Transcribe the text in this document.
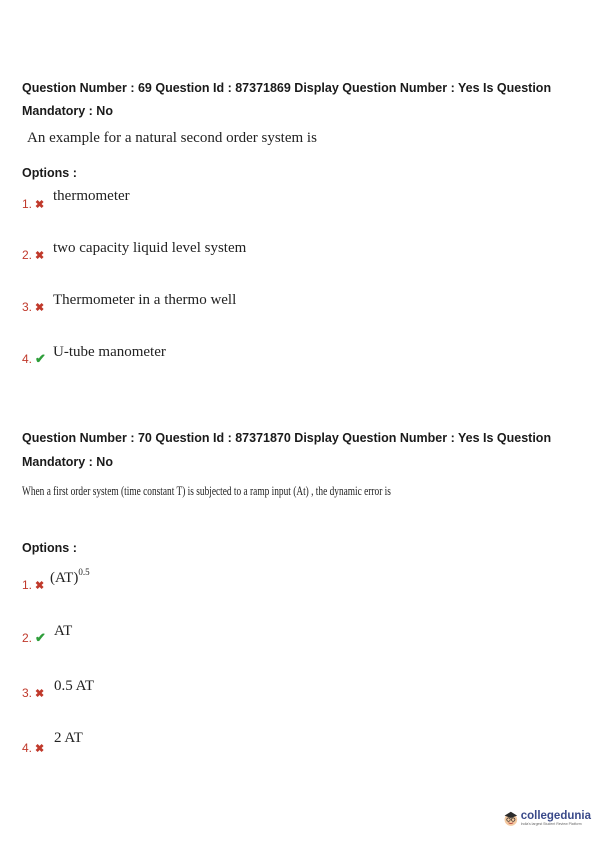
Question Number : 69 Question Id : 87371869 Display Question Number : Yes Is Question
Mandatory : No
An example for a natural second order system is
Options :
1. ✖
thermometer
2. ✖ two capacity liquid level system
3. ✖ Thermometer in a thermo well
4. ✔ U-tube manometer
Question Number : 70 Question Id : 87371870 Display Question Number : Yes Is Question
Mandatory : No
When a first order system (time constant T) is subjected to a ramp input (At) , the dynamic error is
Options :
1. ✖ (AT)$^{0.5}$
2. ✔ AT
3. ✖ 0.5 AT
4. ✖
2 AT
collegedunia
India's largest Student Review Platform
